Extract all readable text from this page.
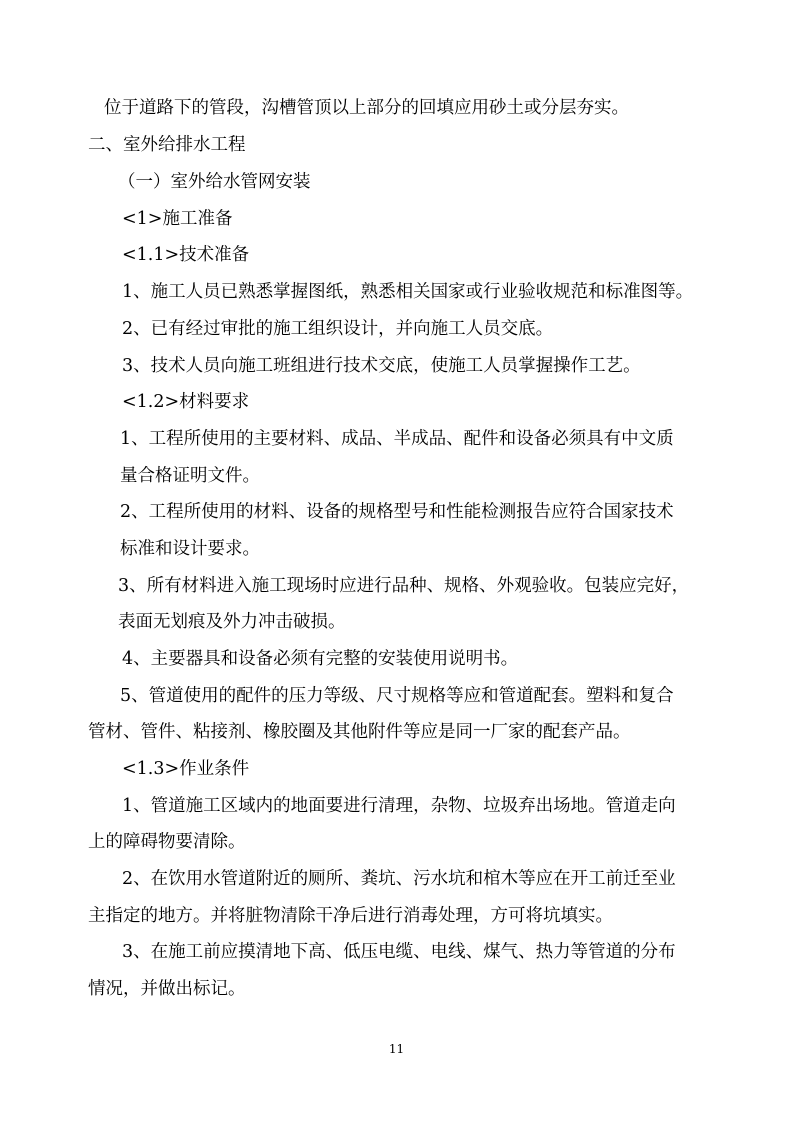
位于道路下的管段，沟槽管顶以上部分的回填应用砂土或分层夯实。

二、室外给排水工程

（一）室外给水管网安装

<1>施工准备

<1.1>技术准备

1、施工人员已熟悉掌握图纸，熟悉相关国家或行业验收规范和标准图等。

2、已有经过审批的施工组织设计，并向施工人员交底。

3、技术人员向施工班组进行技术交底，使施工人员掌握操作工艺。

<1.2>材料要求

1、工程所使用的主要材料、成品、半成品、配件和设备必须具有中文质

量合格证明文件。

2、工程所使用的材料、设备的规格型号和性能检测报告应符合国家技术

标准和设计要求。

3、所有材料进入施工现场时应进行品种、规格、外观验收。包装应完好，

表面无划痕及外力冲击破损。

4、主要器具和设备必须有完整的安装使用说明书。

5、管道使用的配件的压力等级、尺寸规格等应和管道配套。塑料和复合

管材、管件、粘接剂、橡胶圈及其他附件等应是同一厂家的配套产品。

<1.3>作业条件

1、管道施工区域内的地面要进行清理，杂物、垃圾弃出场地。管道走向

上的障碍物要清除。

2、在饮用水管道附近的厕所、粪坑、污水坑和棺木等应在开工前迁至业

主指定的地方。并将脏物清除干净后进行消毒处理，方可将坑填实。

3、在施工前应摸清地下高、低压电缆、电线、煤气、热力等管道的分布

情况，并做出标记。

11
